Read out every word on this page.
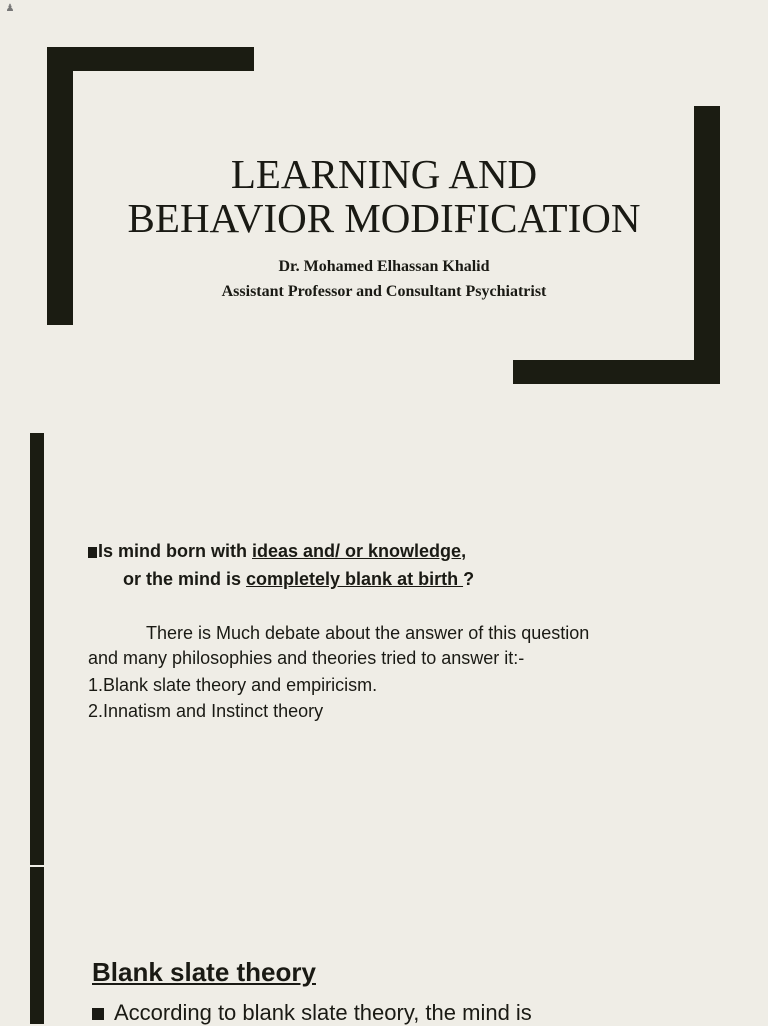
♟
LEARNING AND
BEHAVIOR MODIFICATION
Dr. Mohamed Elhassan Khalid
Assistant Professor and Consultant Psychiatrist
Is mind born with ideas and/ or knowledge,
or the mind is completely blank at birth ?
There is Much debate about the answer of this question
and many philosophies and theories tried to answer it:-
1.Blank slate theory and empiricism.
2.Innatism and Instinct theory
Blank slate theory
According to blank slate theory, the mind is
